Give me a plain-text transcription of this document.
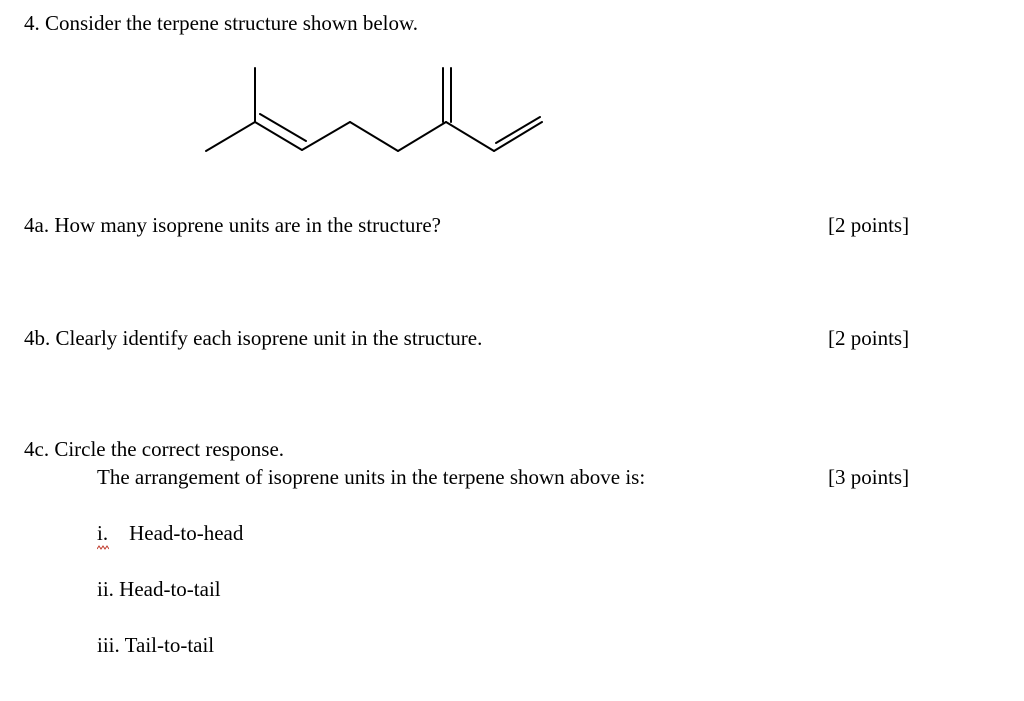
4. Consider the terpene structure shown below.
4a. How many isoprene units are in the structure?	[2 points]
4b. Clearly identify each isoprene unit in the structure.	[2 points]
4c. Circle the correct response.
The arrangement of isoprene units in the terpene shown above is:	[3 points]
i. Head-to-head
ii. Head-to-tail
iii. Tail-to-tail
